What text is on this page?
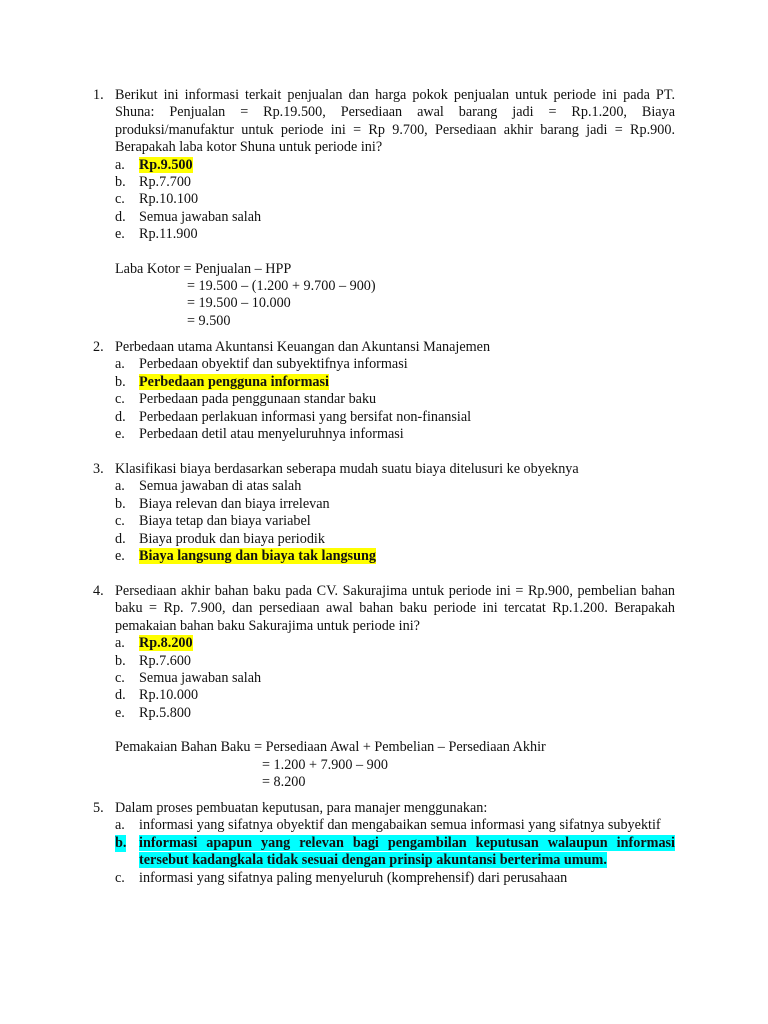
1. Berikut ini informasi terkait penjualan dan harga pokok penjualan untuk periode ini pada PT. Shuna: Penjualan = Rp.19.500, Persediaan awal barang jadi = Rp.1.200, Biaya produksi/manufaktur untuk periode ini = Rp 9.700, Persediaan akhir barang jadi = Rp.900. Berapakah laba kotor Shuna untuk periode ini?
a. Rp.9.500
b. Rp.7.700
c. Rp.10.100
d. Semua jawaban salah
e. Rp.11.900
Laba Kotor = Penjualan – HPP
= 19.500 – (1.200 + 9.700 – 900)
= 19.500 – 10.000
= 9.500
2. Perbedaan utama Akuntansi Keuangan dan Akuntansi Manajemen
a. Perbedaan obyektif dan subyektifnya informasi
b. Perbedaan pengguna informasi
c. Perbedaan pada penggunaan standar baku
d. Perbedaan perlakuan informasi yang bersifat non-finansial
e. Perbedaan detil atau menyeluruhnya informasi
3. Klasifikasi biaya berdasarkan seberapa mudah suatu biaya ditelusuri ke obyeknya
a. Semua jawaban di atas salah
b. Biaya relevan dan biaya irrelevan
c. Biaya tetap dan biaya variabel
d. Biaya produk dan biaya periodik
e. Biaya langsung dan biaya tak langsung
4. Persediaan akhir bahan baku pada CV. Sakurajima untuk periode ini = Rp.900, pembelian bahan baku = Rp. 7.900, dan persediaan awal bahan baku periode ini tercatat Rp.1.200. Berapakah pemakaian bahan baku Sakurajima untuk periode ini?
a. Rp.8.200
b. Rp.7.600
c. Semua jawaban salah
d. Rp.10.000
e. Rp.5.800
Pemakaian Bahan Baku = Persediaan Awal + Pembelian – Persediaan Akhir
= 1.200 + 7.900 – 900
= 8.200
5. Dalam proses pembuatan keputusan, para manajer menggunakan:
a. informasi yang sifatnya obyektif dan mengabaikan semua informasi yang sifatnya subyektif
b. informasi apapun yang relevan bagi pengambilan keputusan walaupun informasi tersebut kadangkala tidak sesuai dengan prinsip akuntansi berterima umum.
c. informasi yang sifatnya paling menyeluruh (komprehensif) dari perusahaan
